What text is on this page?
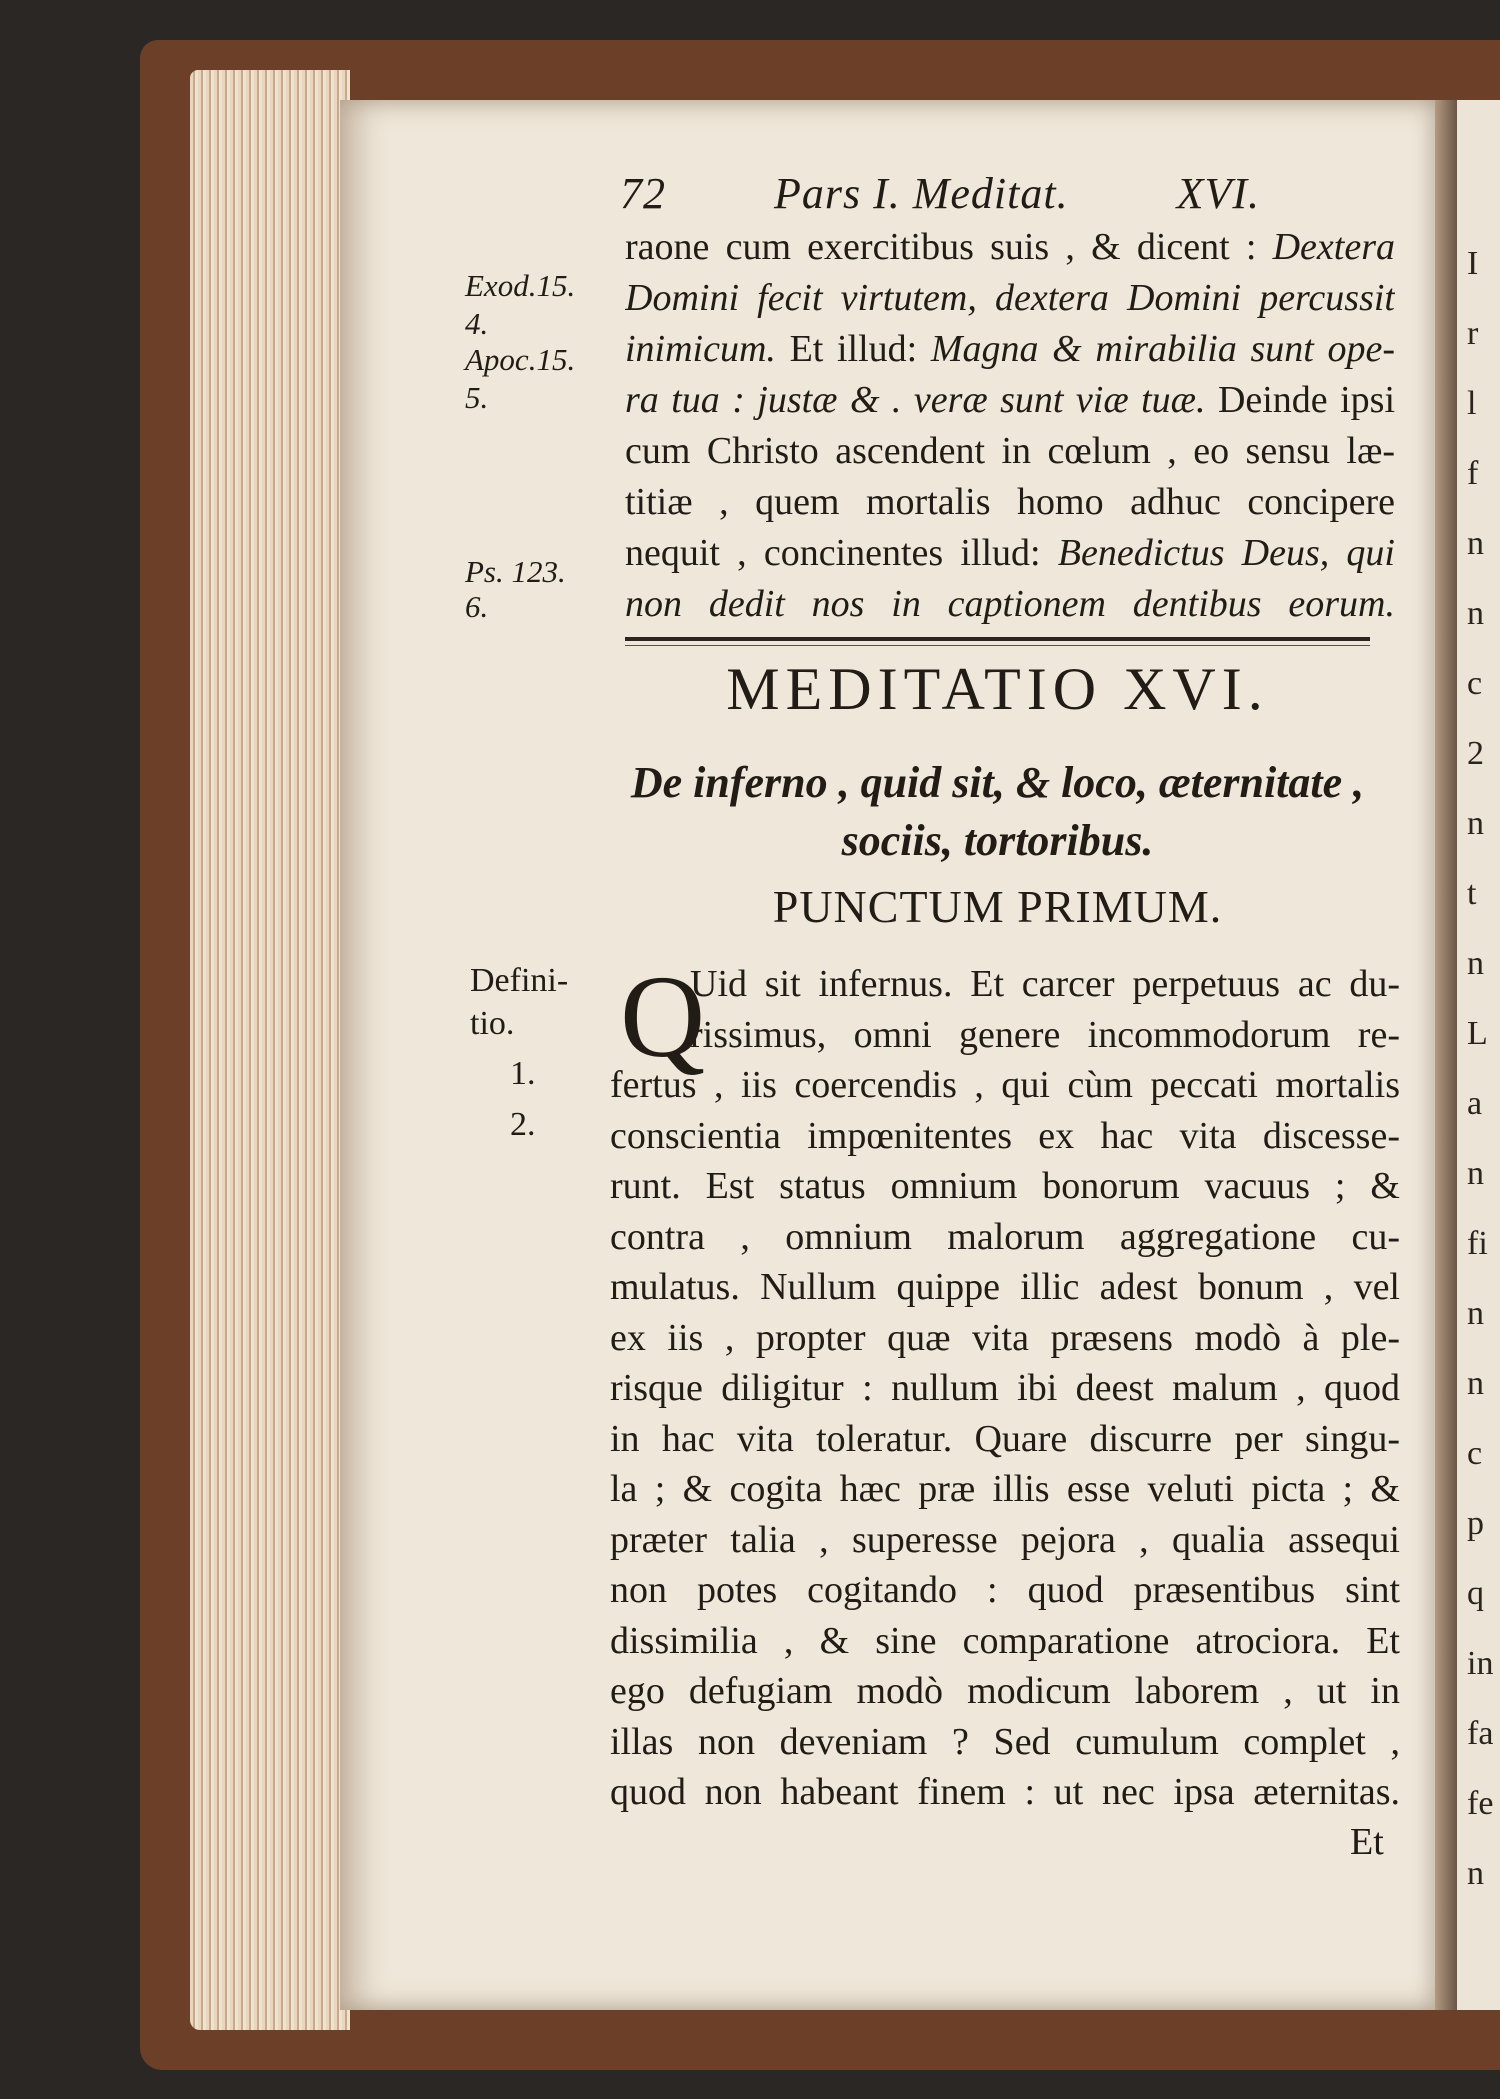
I
r
l
f
n
n
c
2
n
t
n
L
a
n
fi
n
n
c
p
q
in
fa
fe
n
72 Pars I. Meditat. XVI.
raone cum exercitibus suis , & dicent : Dextera
Domini fecit virtutem, dextera Domini percussit
inimicum. Et illud: Magna & mirabilia sunt ope-
ra tua : justæ & . veræ sunt viæ tuæ. Deinde ipsi
cum Christo ascendent in cœlum , eo sensu læ-
titiæ , quem mortalis homo adhuc concipere
nequit , concinentes illud: Benedictus Deus, qui
non dedit nos in captionem dentibus eorum.
Exod.15.
4.
Apoc.15.
5.
Ps. 123.
6.
MEDITATIO XVI.
De inferno , quid sit, & loco, æternitate ,
sociis, tortoribus.
PUNCTUM PRIMUM.
Q
Uid sit infernus. Et carcer perpetuus ac du-
rissimus, omni genere incommodorum re-
fertus , iis coercendis , qui cùm peccati mortalis
conscientia impœnitentes ex hac vita discesse-
runt. Est status omnium bonorum vacuus ; &
contra , omnium malorum aggregatione cu-
mulatus. Nullum quippe illic adest bonum , vel
ex iis , propter quæ vita præsens modò à ple-
risque diligitur : nullum ibi deest malum , quod
in hac vita toleratur. Quare discurre per singu-
la ; & cogita hæc præ illis esse veluti picta ; &
præter talia , superesse pejora , qualia assequi
non potes cogitando : quod præsentibus sint
dissimilia , & sine comparatione atrociora. Et
ego defugiam modò modicum laborem , ut in
illas non deveniam ? Sed cumulum complet ,
quod non habeant finem : ut nec ipsa æternitas.
Defini-
tio.
1.
2.
Et
